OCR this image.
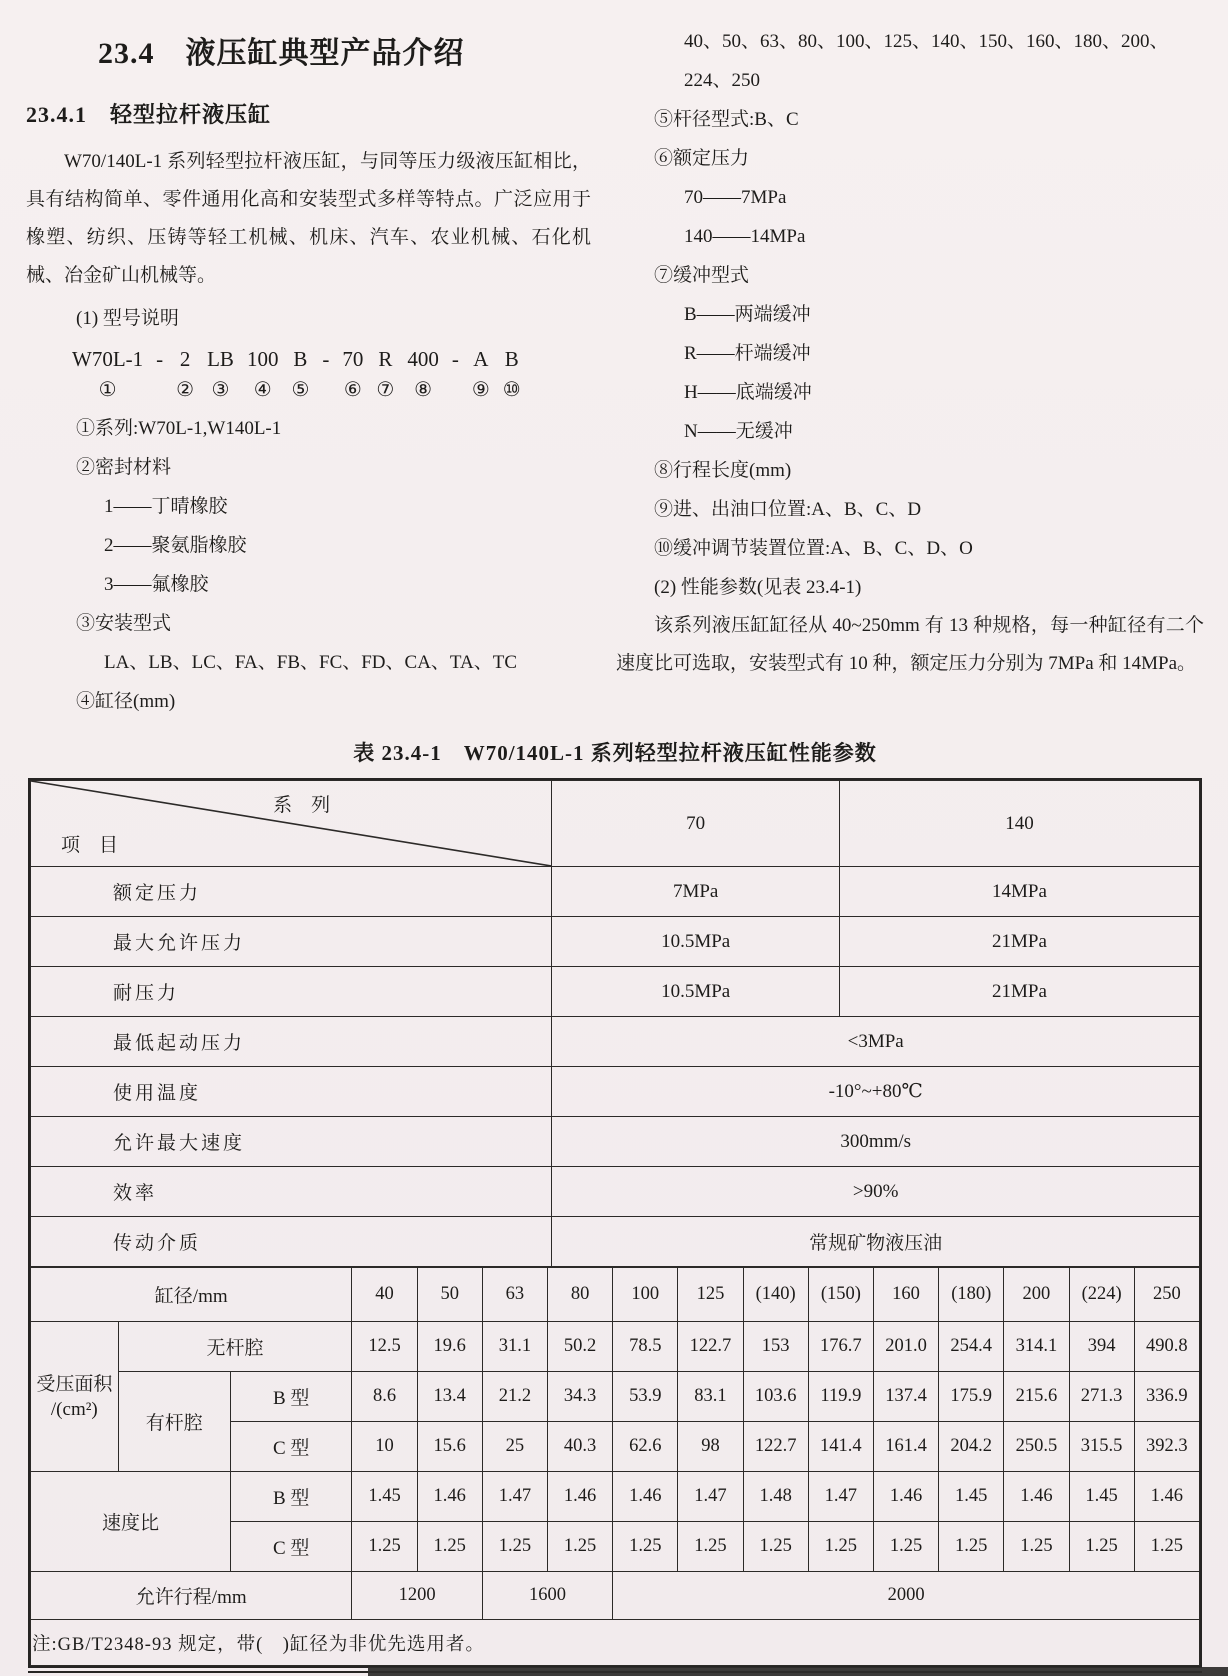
23.4　液压缸典型产品介绍
23.4.1　轻型拉杆液压缸

W70/140L-1 系列轻型拉杆液压缸，与同等压力级液压缸相比，具有结构简单、零件通用化高和安装型式多样等特点。广泛应用于橡塑、纺织、压铸等轻工机械、机床、汽车、农业机械、石化机械、冶金矿山机械等。

(1) 型号说明

W70L-1
①
- 2
②
LB
③
100
④
B
⑤
- 70
⑥
R
⑦
400
⑧
- A
⑨
B
⑩

①系列:W70L-1,W140L-1

②密封材料

1——丁晴橡胶

2——聚氨脂橡胶

3——氟橡胶

③安装型式

LA、LB、LC、FA、FB、FC、FD、CA、TA、TC

④缸径(mm)

40、50、63、80、100、125、140、150、160、180、200、

224、250

⑤杆径型式:B、C

⑥额定压力

70——7MPa

140——14MPa

⑦缓冲型式

B——两端缓冲

R——杆端缓冲

H——底端缓冲

N——无缓冲

⑧行程长度(mm)

⑨进、出油口位置:A、B、C、D

⑩缓冲调节装置位置:A、B、C、D、O

(2) 性能参数(见表 23.4-1)

该系列液压缸缸径从 40~250mm 有 13 种规格，每一种缸径有二个速度比可选取，安装型式有 10 种，额定压力分别为 7MPa 和 14MPa。

表 23.4-1　W70/140L-1 系列轻型拉杆液压缸性能参数
系　列
项　目	70	140
额定压力	7MPa	14MPa
最大允许压力	10.5MPa	21MPa
耐压力	10.5MPa	21MPa
最低起动压力	<3MPa	
使用温度	-10°~+80℃	
允许最大速度	300mm/s	
效率	>90%	
传动介质	常规矿物液压油	
缸径/mm			40	50	63	80	100	125	(140)	(150)	160	(180)	200	(224)	250

受压面积
/(cm²)	无杆腔		12.5	19.6	31.1	50.2	78.5	122.7	153	176.7	201.0	254.4	314.1	394	490.8
	有杆腔	B 型	8.6	13.4	21.2	34.3	53.9	83.1	103.6	119.9	137.4	175.9	215.6	271.3	336.9
		C 型	10	15.6	25	40.3	62.6	98	122.7	141.4	161.4	204.2	250.5	315.5	392.3
速度比		B 型	1.45	1.46	1.47	1.46	1.46	1.47	1.48	1.47	1.46	1.45	1.46	1.45	1.46
		C 型	1.25	1.25	1.25	1.25	1.25	1.25	1.25	1.25	1.25	1.25	1.25	1.25	1.25
允许行程/mm			1200		1600		2000								
注:GB/T2348-93 规定，带(　)缸径为非优先选用者。															
